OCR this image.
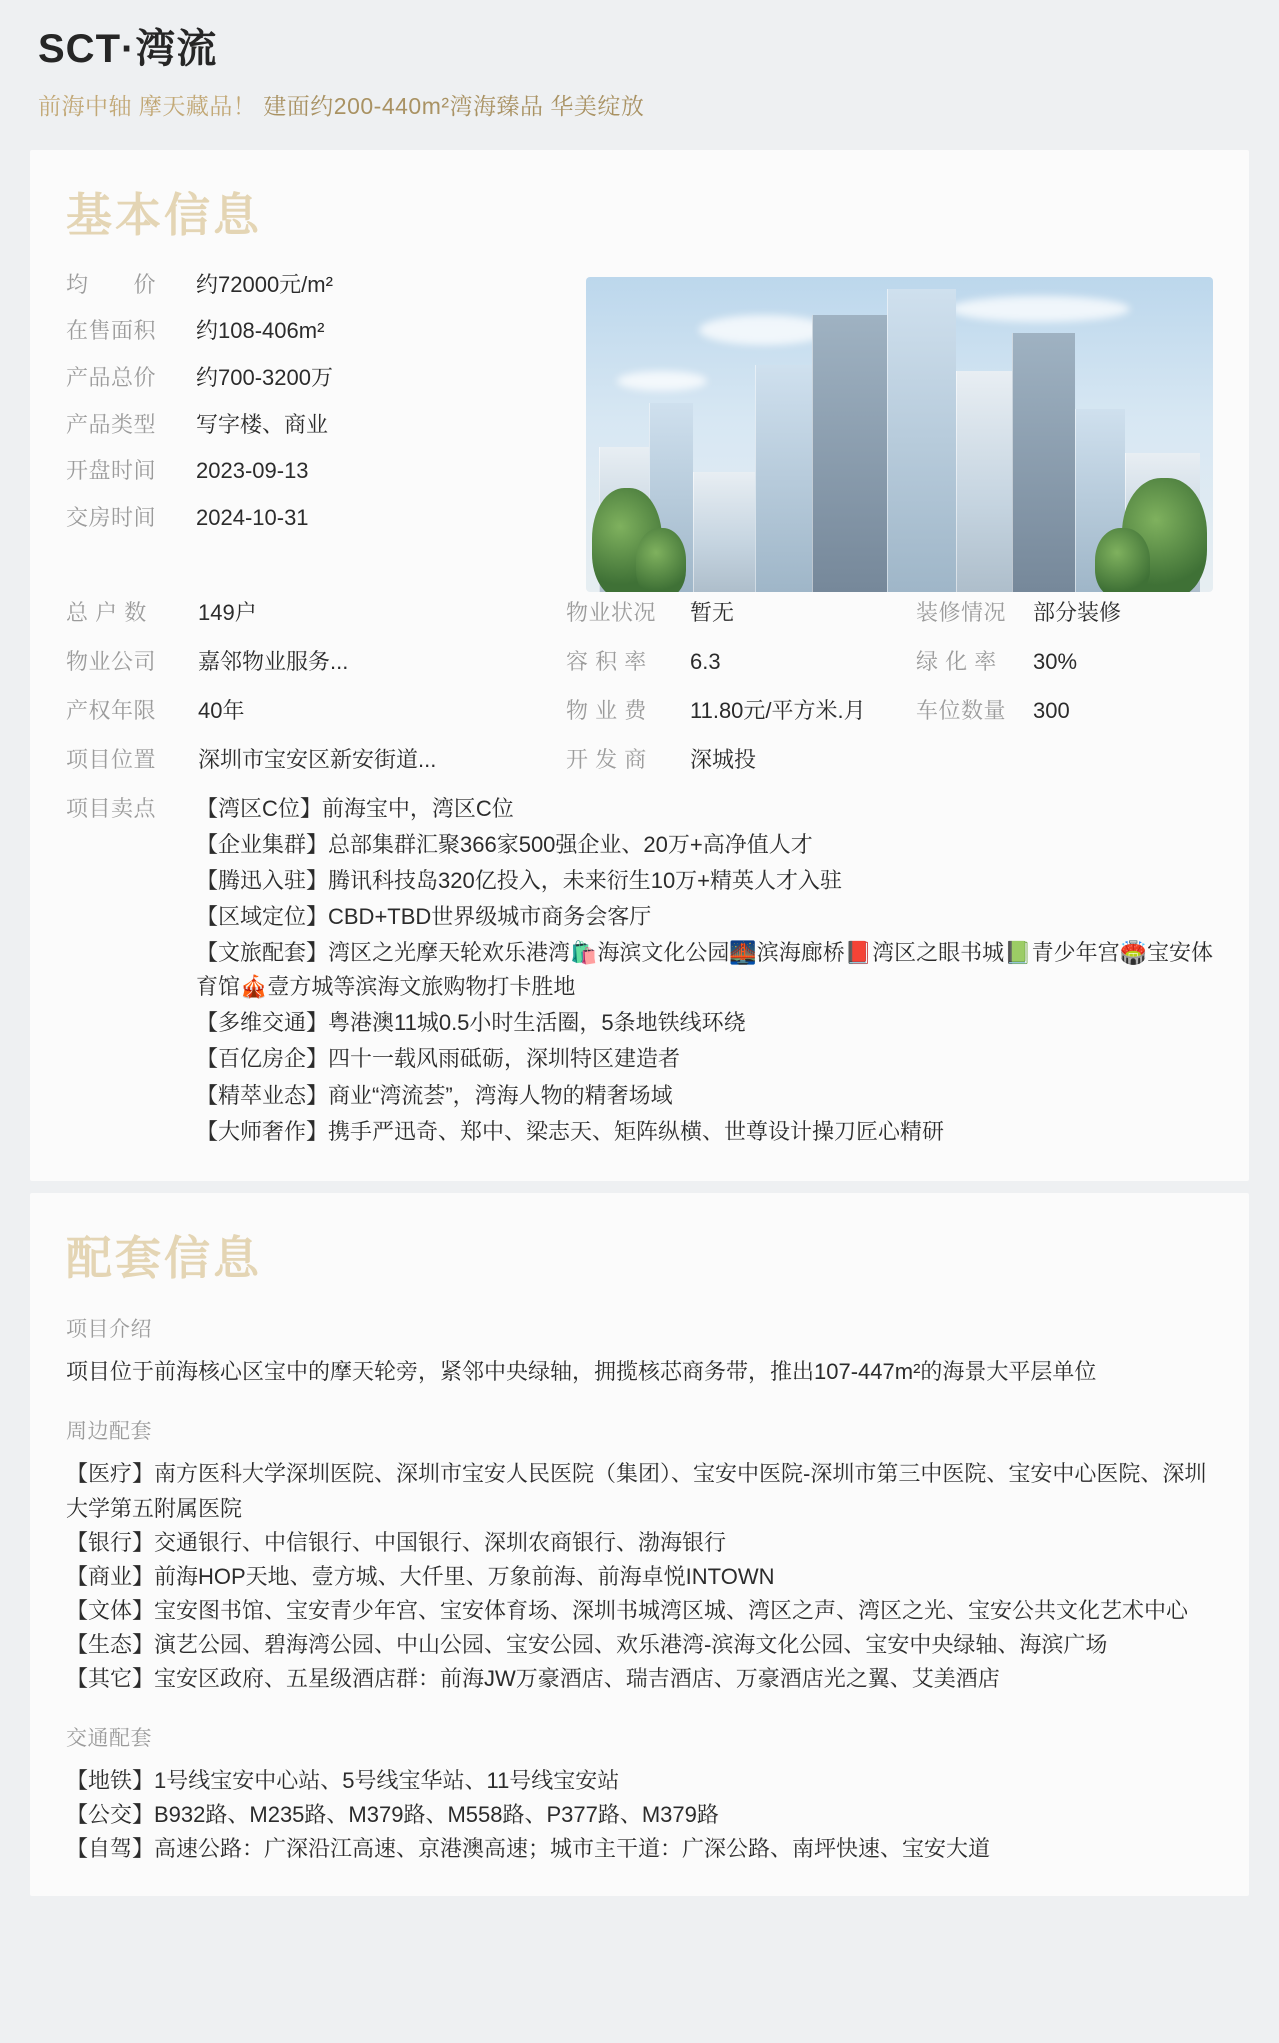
SCT·湾流
前海中轴 摩天藏品！ 建面约200-440m²湾海臻品 华美绽放
基本信息
均　　价	约72000元/m²
在售面积	约108-406m²
产品总价	约700-3200万
产品类型	写字楼、商业
开盘时间	2023-09-13
交房时间	2024-10-31
总 户 数	149户	物业状况	暂无	装修情况	部分装修
物业公司	嘉邻物业服务...	容 积 率	6.3	绿 化 率	30%
产权年限	40年	物 业 费	11.80元/平方米.月 车位数量	300
项目位置	深圳市宝安区新安街道...	开 发 商	深城投
项目卖点	【湾区C位】前海宝中，湾区C位
【企业集群】总部集群汇聚366家500强企业、20万+高净值人才
【腾迅入驻】腾讯科技岛320亿投入，未来衍生10万+精英人才入驻
【区域定位】CBD+TBD世界级城市商务会客厅
【文旅配套】湾区之光摩天轮欢乐港湾🛍️海滨文化公园🌉滨海廊桥📕湾区之眼书城📗青少年宫🏟️宝安体育馆🎪壹方城等滨海文旅购物打卡胜地
【多维交通】粤港澳11城0.5小时生活圈，5条地铁线环绕
【百亿房企】四十一载风雨砥砺，深圳特区建造者
【精萃业态】商业“湾流荟”，湾海人物的精奢场域
【大师奢作】携手严迅奇、郑中、梁志天、矩阵纵横、世尊设计操刀匠心精研
配套信息
项目介绍
项目位于前海核心区宝中的摩天轮旁，紧邻中央绿轴，拥揽核芯商务带，推出107-447m²的海景大平层单位
周边配套
【医疗】南方医科大学深圳医院、深圳市宝安人民医院（集团）、宝安中医院-深圳市第三中医院、宝安中心医院、深圳大学第五附属医院
【银行】交通银行、中信银行、中国银行、深圳农商银行、渤海银行
【商业】前海HOP天地、壹方城、大仟里、万象前海、前海卓悦INTOWN
【文体】宝安图书馆、宝安青少年宫、宝安体育场、深圳书城湾区城、湾区之声、湾区之光、宝安公共文化艺术中心
【生态】演艺公园、碧海湾公园、中山公园、宝安公园、欢乐港湾-滨海文化公园、宝安中央绿轴、海滨广场
【其它】宝安区政府、五星级酒店群：前海JW万豪酒店、瑞吉酒店、万豪酒店光之翼、艾美酒店
交通配套
【地铁】1号线宝安中心站、5号线宝华站、11号线宝安站
【公交】B932路、M235路、M379路、M558路、P377路、M379路
【自驾】高速公路：广深沿江高速、京港澳高速；城市主干道：广深公路、南坪快速、宝安大道
